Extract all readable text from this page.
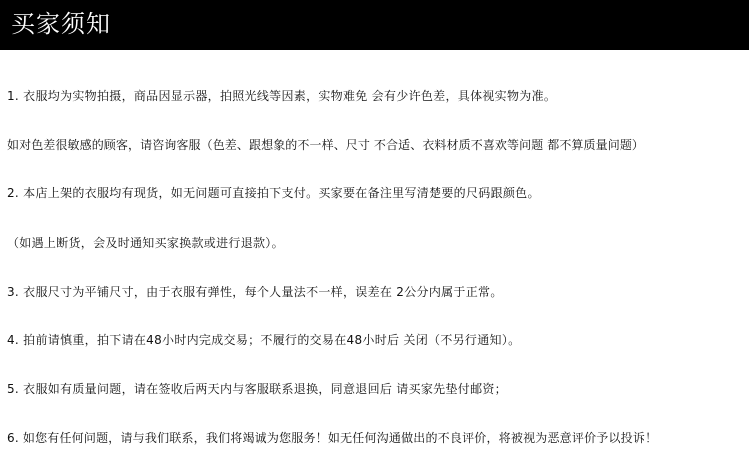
买家须知
1. 衣服均为实物拍摄，商品因显示器，拍照光线等因素，实物难免 会有少许色差，具体视实物为准。
如对色差很敏感的顾客，请咨询客服（色差、跟想象的不一样、尺寸 不合适、衣料材质不喜欢等问题 都不算质量问题）
2. 本店上架的衣服均有现货，如无问题可直接拍下支付。买家要在备注里写清楚要的尺码跟颜色。
（如遇上断货，会及时通知买家换款或进行退款）。
3. 衣服尺寸为平铺尺寸，由于衣服有弹性，每个人量法不一样，误差在 2公分内属于正常。
4. 拍前请慎重，拍下请在48小时内完成交易；不履行的交易在48小时后 关闭（不另行通知）。
5. 衣服如有质量问题，请在签收后两天内与客服联系退换，同意退回后 请买家先垫付邮资；
6. 如您有任何问题，请与我们联系，我们将竭诚为您服务！如无任何沟通做出的不良评价，将被视为恶意评价予以投诉！
